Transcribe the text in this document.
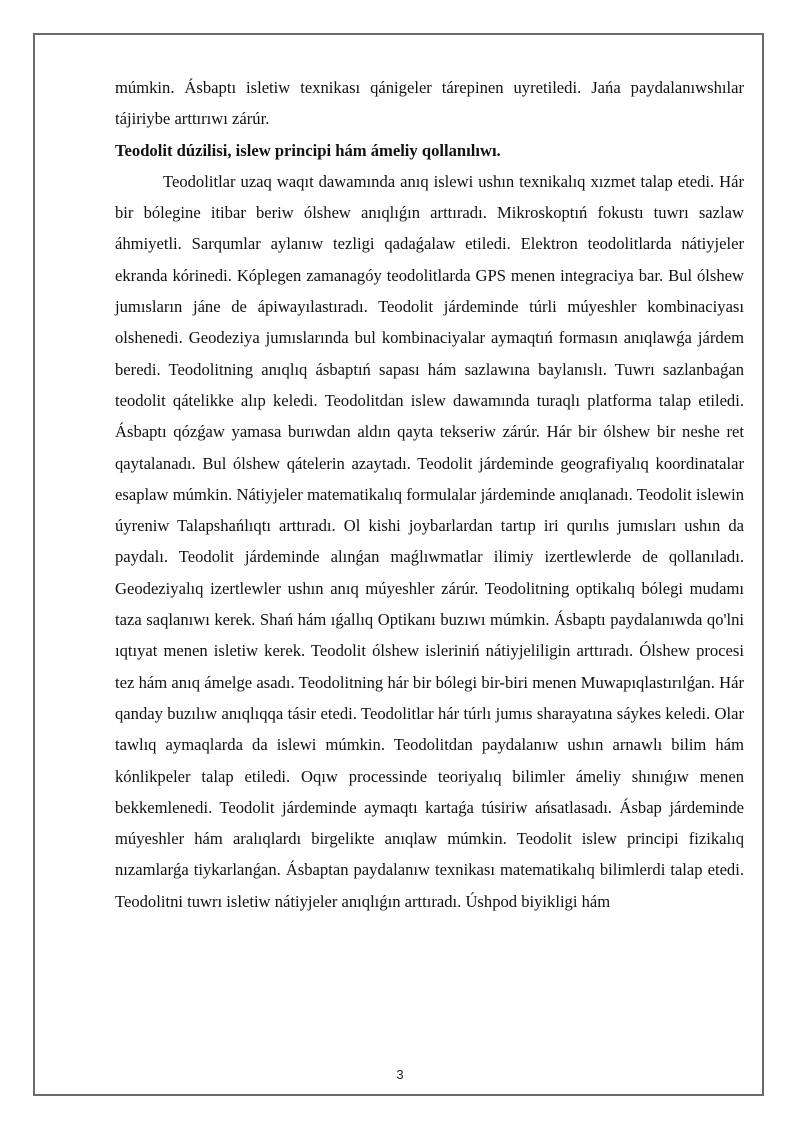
múmkin. Ásbaptı isletiw texnikası qánigeler tárepinen uyretiledi. Jańa paydalanıwshılar tájiriybe arttırıwı zárúr.

Teodolit dúzilisi, islew principi hám ámeliy qollanılıwı.

Teodolitlar uzaq waqıt dawamında anıq islewi ushın texnikalıq xızmet talap etedi. Hár bir bólegine itibar beriw ólshew anıqlıǵın arttıradı. Mikroskoptıń fokustı tuwrı sazlaw áhmiyetli. Sarqumlar aylanıw tezligi qadaǵalaw etiledi. Elektron teodolitlarda nátiyjeler ekranda kórinedi. Kóplegen zamanagóy teodolitlarda GPS menen integraciya bar. Bul ólshew jumısların jáne de ápiwayılastıradı. Teodolit járdeminde túrli múyeshler kombinaciyası olshenedi. Geodeziya jumıslarında bul kombinaciyalar aymaqtıń formasın anıqlawǵa járdem beredi. Teodolitning anıqlıq ásbaptıń sapası hám sazlawına baylanıslı. Tuwrı sazlanbaǵan teodolit qátelikke alıp keledi. Teodolitdan islew dawamında turaqlı platforma talap etiledi. Ásbaptı qózǵaw yamasa burıwdan aldın qayta tekseriw zárúr. Hár bir ólshew bir neshe ret qaytalanadı. Bul ólshew qátelerin azaytadı. Teodolit járdeminde geografiyalıq koordinatalar esaplaw múmkin. Nátiyjeler matematikalıq formulalar járdeminde anıqlanadı. Teodolit islewin úyreniw Talapshańlıqtı arttıradı. Ol kishi joybarlardan tartıp iri qurılıs jumısları ushın da paydalı. Teodolit járdeminde alınǵan maǵlıwmatlar ilimiy izertlewlerde de qollanıladı. Geodeziyalıq izertlewler ushın anıq múyeshler zárúr. Teodolitning optikalıq bólegi mudamı taza saqlanıwı kerek. Shań hám ıǵallıq Optikanı buzıwı múmkin. Ásbaptı paydalanıwda qo'lni ıqtıyat menen isletiw kerek. Teodolit ólshew isleriniń nátiyjeliligin arttıradı. Ólshew procesi tez hám anıq ámelge asadı. Teodolitning hár bir bólegi bir-biri menen Muwapıqlastırılǵan. Hár qanday buzılıw anıqlıqqa tásir etedi. Teodolitlar hár túrlı jumıs sharayatına sáykes keledi. Olar tawlıq aymaqlarda da islewi múmkin. Teodolitdan paydalanıw ushın arnawlı bilim hám kónlikpeler talap etiledi. Oqıw processinde teoriyalıq bilimler ámeliy shınıǵıw menen bekkemlenedi. Teodolit járdeminde aymaqtı kartaǵa túsiriw ańsatlasadı. Ásbap járdeminde múyeshler hám aralıqlardı birgelikte anıqlaw múmkin. Teodolit islew principi fizikalıq nızamlarǵa tiykarlanǵan. Ásbaptan paydalanıw texnikası matematikalıq bilimlerdi talap etedi. Teodolitni tuwrı isletiw nátiyjeler anıqlıǵın arttıradı. Úshpod biyikligi hám

3
